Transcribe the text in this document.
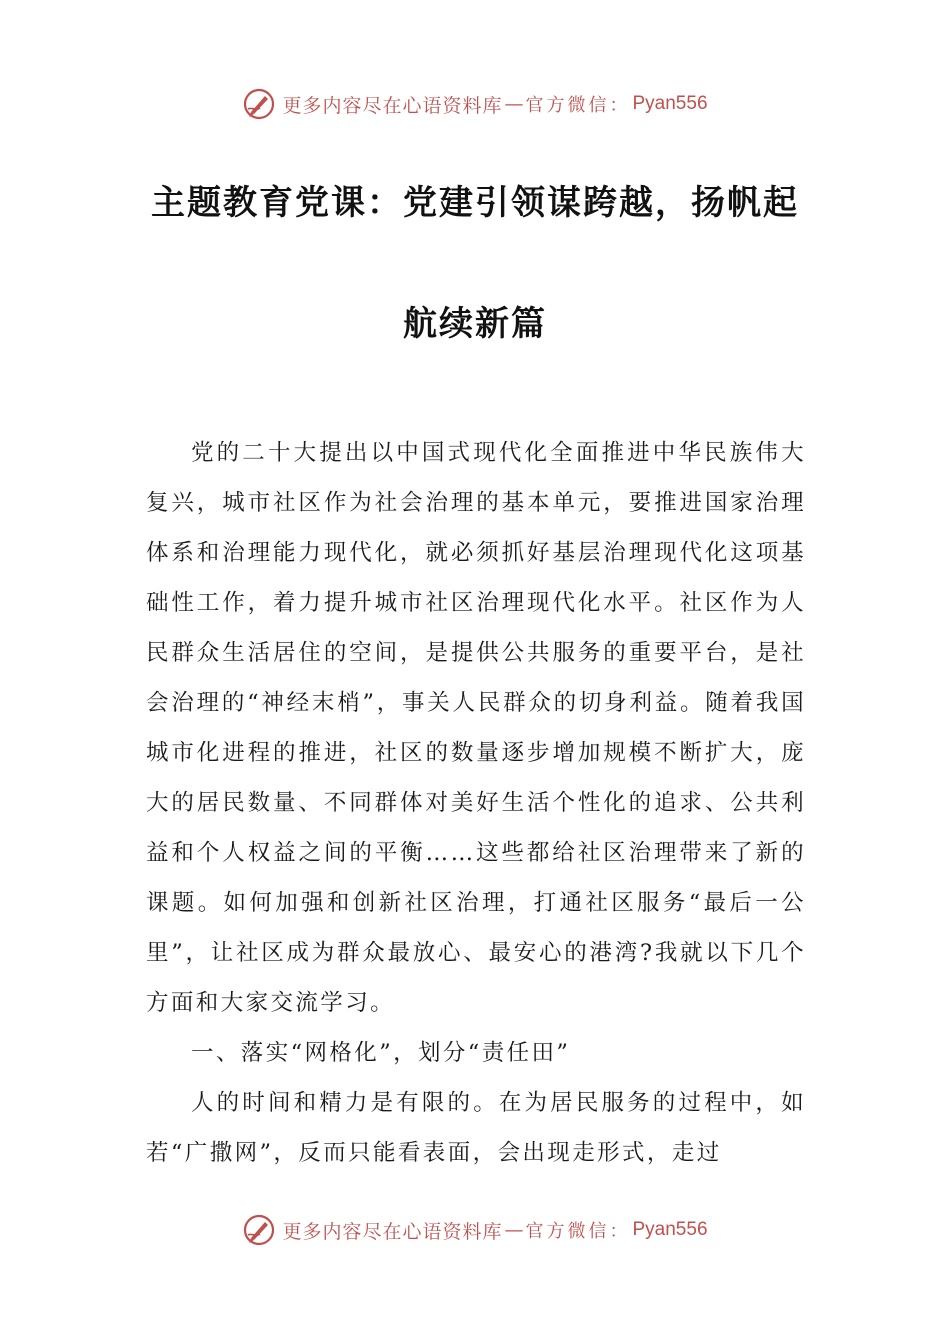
更多内容尽在心语资料库 — 官方微信： Pyan556
主题教育党课：党建引领谋跨越，扬帆起
航续新篇

党的二十大提出以中国式现代化全面推进中华民族伟大复兴，城市社区作为社会治理的基本单元，要推进国家治理体系和治理能力现代化，就必须抓好基层治理现代化这项基础性工作，着力提升城市社区治理现代化水平。社区作为人民群众生活居住的空间，是提供公共服务的重要平台，是社会治理的“神经末梢”，事关人民群众的切身利益。随着我国城市化进程的推进，社区的数量逐步增加规模不断扩大，庞大的居民数量、不同群体对美好生活个性化的追求、公共利益和个人权益之间的平衡……这些都给社区治理带来了新的课题。如何加强和创新社区治理，打通社区服务“最后一公里”，让社区成为群众最放心、最安心的港湾?我就以下几个方面和大家交流学习。

一、落实“网格化”，划分“责任田”

人的时间和精力是有限的。在为居民服务的过程中，如若“广撒网”，反而只能看表面，会出现走形式，走过

更多内容尽在心语资料库 — 官方微信： Pyan556
